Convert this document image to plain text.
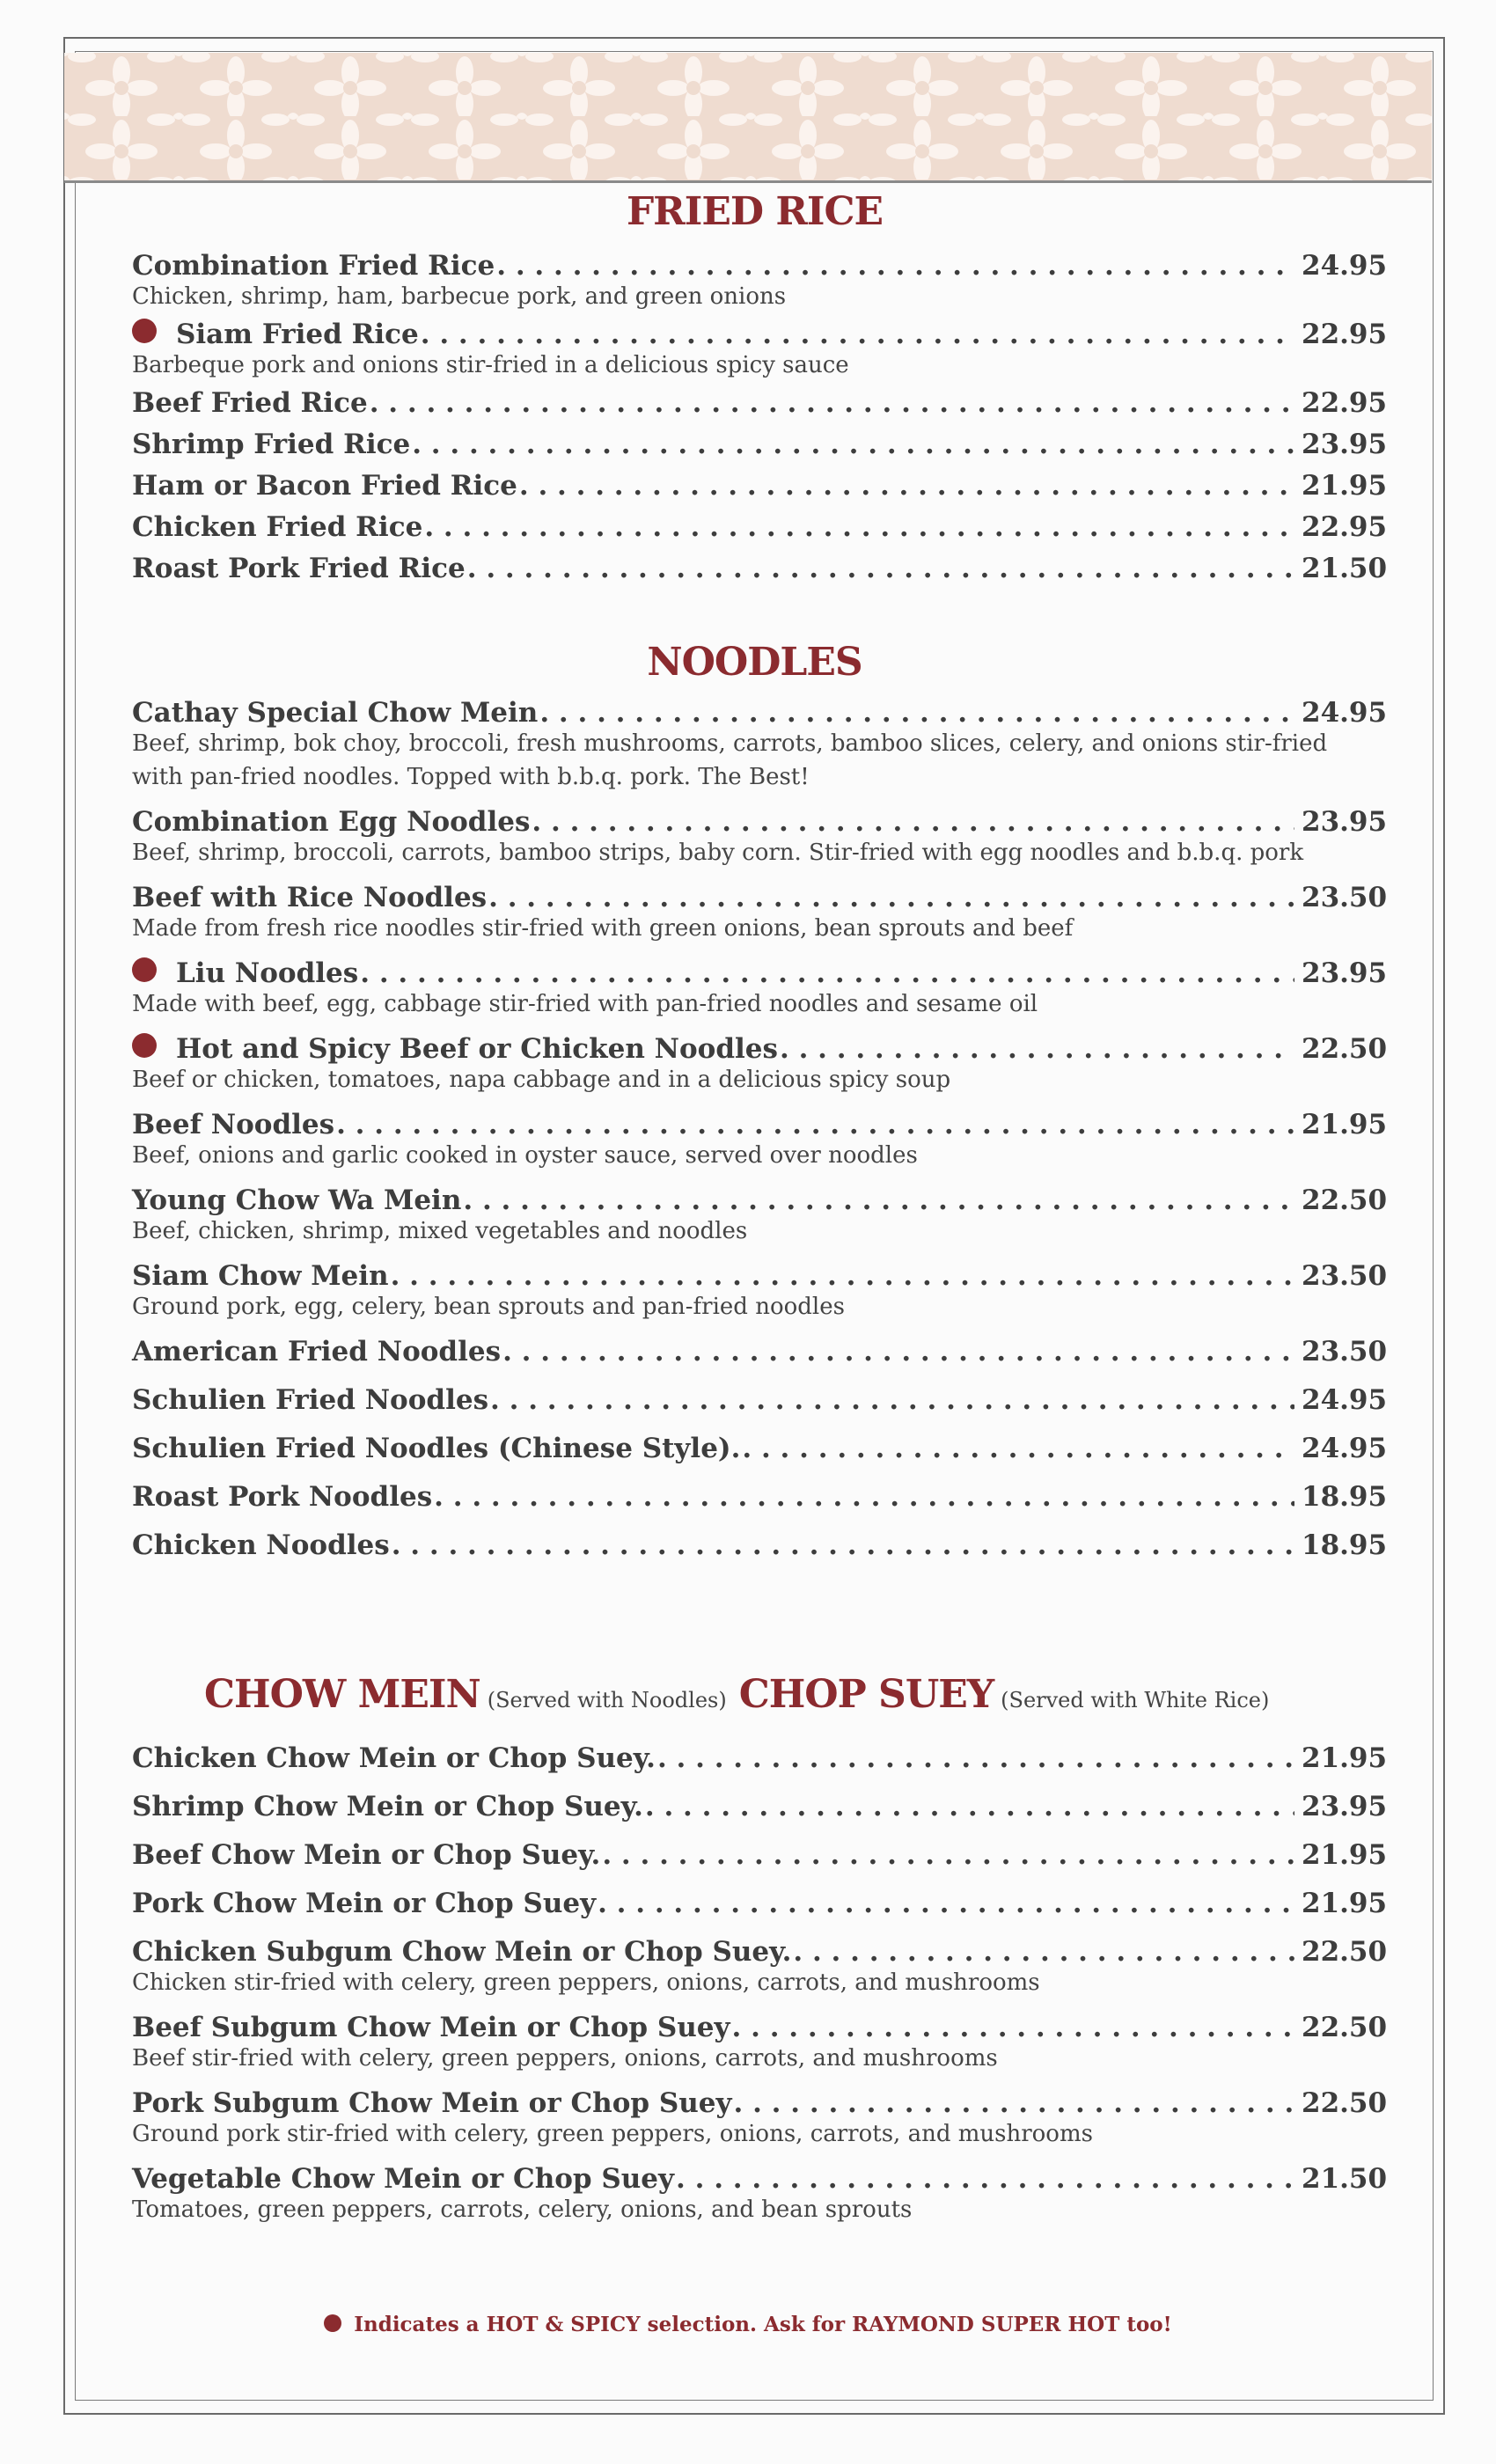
FRIED RICE
Combination Fried Rice . . .	24.95
Chicken, shrimp, ham, barbecue pork, and green onions
Siam Fried Rice . . .	22.95
Barbeque pork and onions stir-fried in a delicious spicy sauce
Beef Fried Rice . . .	22.95
Shrimp Fried Rice . . .	23.95
Ham or Bacon Fried Rice . . .	21.95
Chicken Fried Rice . . .	22.95
Roast Pork Fried Rice . . .	21.50
NOODLES
Cathay Special Chow Mein . . .	24.95
Beef, shrimp, bok choy, broccoli, fresh mushrooms, carrots, bamboo slices, celery, and onions stir-fried with pan-fried noodles. Topped with b.b.q. pork. The Best!
Combination Egg Noodles . . .	23.95
Beef, shrimp, broccoli, carrots, bamboo strips, baby corn. Stir-fried with egg noodles and b.b.q. pork
Beef with Rice Noodles . . .	23.50
Made from fresh rice noodles stir-fried with green onions, bean sprouts and beef
Liu Noodles . . .	23.95
Made with beef, egg, cabbage stir-fried with pan-fried noodles and sesame oil
Hot and Spicy Beef or Chicken Noodles . . .	22.50
Beef or chicken, tomatoes, napa cabbage and in a delicious spicy soup
Beef Noodles . . .	21.95
Beef, onions and garlic cooked in oyster sauce, served over noodles
Young Chow Wa Mein . . .	22.50
Beef, chicken, shrimp, mixed vegetables and noodles
Siam Chow Mein . . .	23.50
Ground pork, egg, celery, bean sprouts and pan-fried noodles
American Fried Noodles . . .	23.50
Schulien Fried Noodles . . .	24.95
Schulien Fried Noodles (Chinese Style). . . .	24.95
Roast Pork Noodles . . .	18.95
Chicken Noodles . . .	18.95
CHOW MEIN (Served with Noodles) CHOP SUEY (Served with White Rice)
Chicken Chow Mein or Chop Suey. . . .	21.95
Shrimp Chow Mein or Chop Suey. . . .	23.95
Beef Chow Mein or Chop Suey. . . .	21.95
Pork Chow Mein or Chop Suey . . .	21.95
Chicken Subgum Chow Mein or Chop Suey. . . .	22.50
Chicken stir-fried with celery, green peppers, onions, carrots, and mushrooms
Beef Subgum Chow Mein or Chop Suey . . .	22.50
Beef stir-fried with celery, green peppers, onions, carrots, and mushrooms
Pork Subgum Chow Mein or Chop Suey . . .	22.50
Ground pork stir-fried with celery, green peppers, onions, carrots, and mushrooms
Vegetable Chow Mein or Chop Suey . . .	21.50
Tomatoes, green peppers, carrots, celery, onions, and bean sprouts
Indicates a HOT & SPICY selection. Ask for RAYMOND SUPER HOT too!
